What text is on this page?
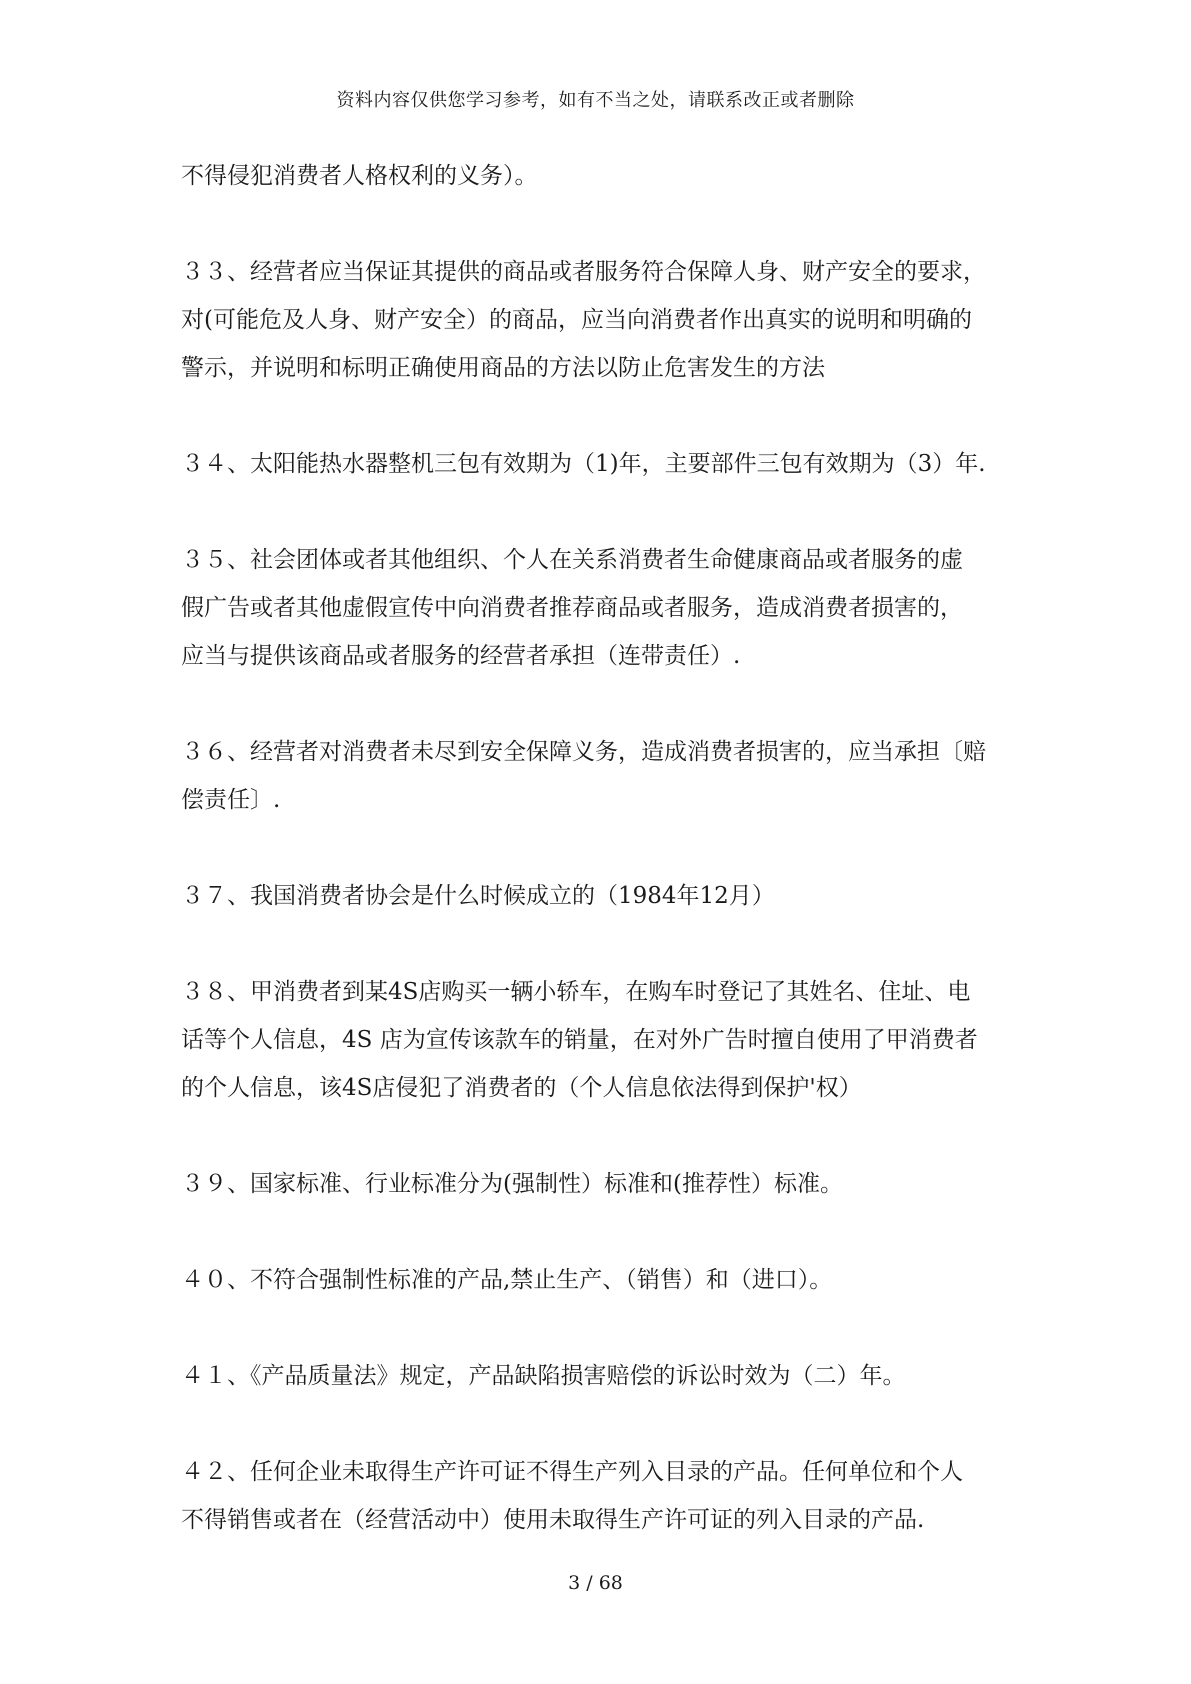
资料内容仅供您学习参考，如有不当之处，请联系改正或者删除
不得侵犯消费者人格权利的义务）。
３３、经营者应当保证其提供的商品或者服务符合保障人身、财产安全的要求，
对(可能危及人身、财产安全）的商品，应当向消费者作出真实的说明和明确的
警示，并说明和标明正确使用商品的方法以防止危害发生的方法
３４、太阳能热水器整机三包有效期为（1)年，主要部件三包有效期为（3）年.
３５、社会团体或者其他组织、个人在关系消费者生命健康商品或者服务的虚
假广告或者其他虚假宣传中向消费者推荐商品或者服务，造成消费者损害的，
应当与提供该商品或者服务的经营者承担（连带责任）.
３６、经营者对消费者未尽到安全保障义务，造成消费者损害的，应当承担〔赔
偿责任〕.
３７、我国消费者协会是什么时候成立的（1984年12月）
３８、甲消费者到某4S店购买一辆小轿车，在购车时登记了其姓名、住址、电
话等个人信息，4S 店为宣传该款车的销量，在对外广告时擅自使用了甲消费者
的个人信息，该4S店侵犯了消费者的（个人信息依法得到保护'权）
３９、国家标准、行业标准分为(强制性）标准和(推荐性）标准。
４０、不符合强制性标准的产品,禁止生产、（销售）和（进口）。
４１、《产品质量法》规定，产品缺陷损害赔偿的诉讼时效为（二）年。
４２、任何企业未取得生产许可证不得生产列入目录的产品。任何单位和个人
不得销售或者在（经营活动中）使用未取得生产许可证的列入目录的产品.
3 / 68
